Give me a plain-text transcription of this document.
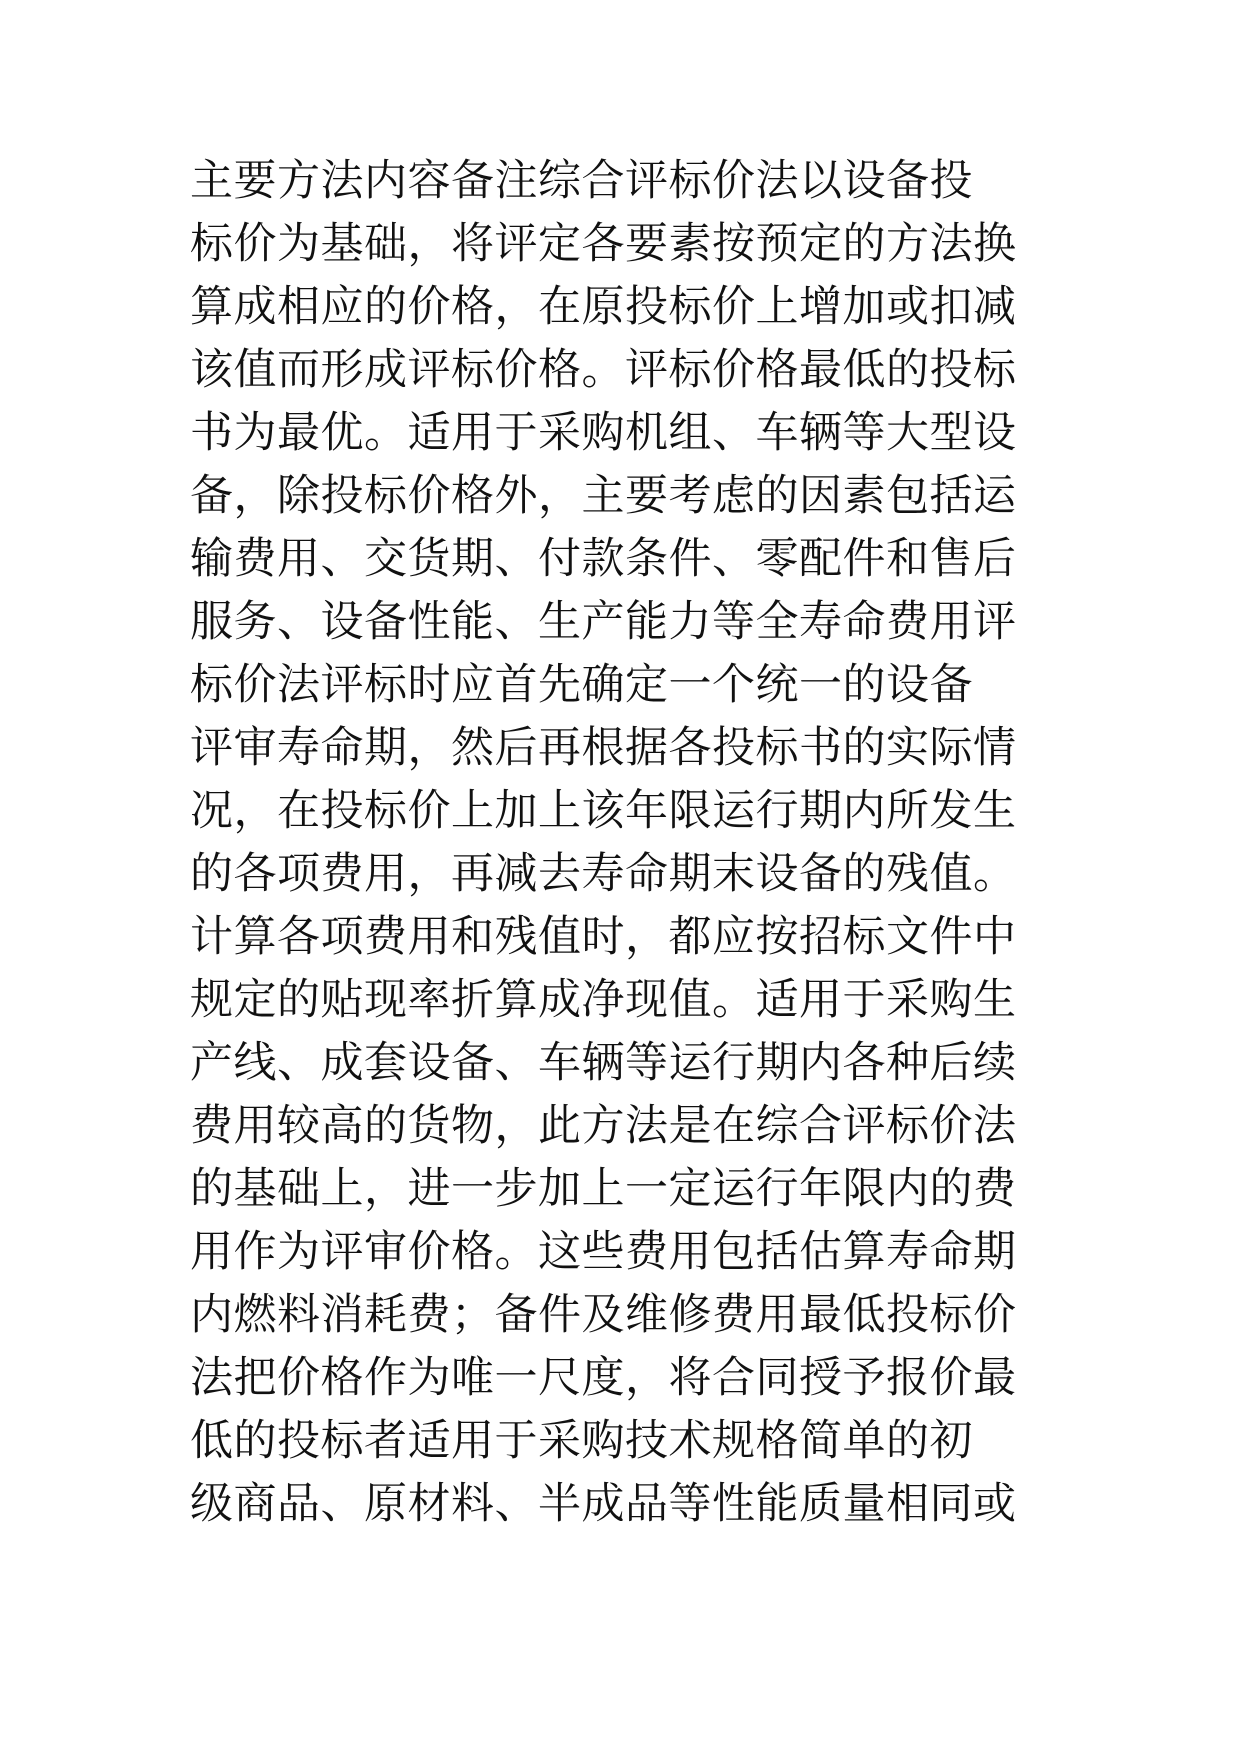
主要方法内容备注综合评标价法以设备投
标价为基础，将评定各要素按预定的方法换
算成相应的价格，在原投标价上增加或扣减
该值而形成评标价格。评标价格最低的投标
书为最优。适用于采购机组、车辆等大型设
备，除投标价格外，主要考虑的因素包括运
输费用、交货期、付款条件、零配件和售后
服务、设备性能、生产能力等全寿命费用评
标价法评标时应首先确定一个统一的设备
评审寿命期，然后再根据各投标书的实际情
况，在投标价上加上该年限运行期内所发生
的各项费用，再减去寿命期末设备的残值。
计算各项费用和残值时，都应按招标文件中
规定的贴现率折算成净现值。适用于采购生
产线、成套设备、车辆等运行期内各种后续
费用较高的货物，此方法是在综合评标价法
的基础上，进一步加上一定运行年限内的费
用作为评审价格。这些费用包括估算寿命期
内燃料消耗费；备件及维修费用最低投标价
法把价格作为唯一尺度，将合同授予报价最
低的投标者适用于采购技术规格简单的初
级商品、原材料、半成品等性能质量相同或
